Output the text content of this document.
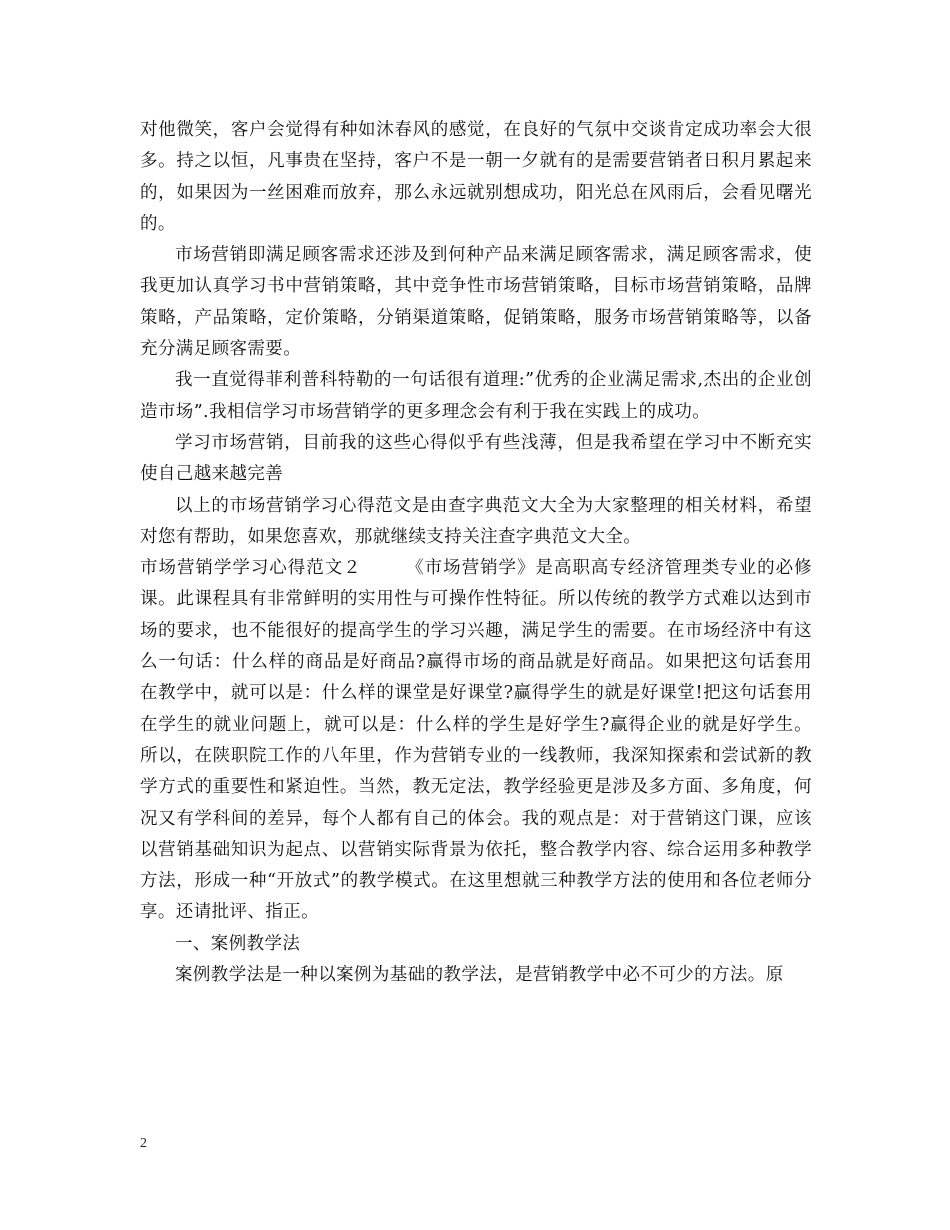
对他微笑，客户会觉得有种如沐春风的感觉，在良好的气氛中交谈肯定成功率会大很多。持之以恒，凡事贵在坚持，客户不是一朝一夕就有的是需要营销者日积月累起来的，如果因为一丝困难而放弃，那么永远就别想成功，阳光总在风雨后，会看见曙光的。

市场营销即满足顾客需求还涉及到何种产品来满足顾客需求，满足顾客需求，使我更加认真学习书中营销策略，其中竞争性市场营销策略，目标市场营销策略，品牌策略，产品策略，定价策略，分销渠道策略，促销策略，服务市场营销策略等，以备充分满足顾客需要。

我一直觉得菲利普科特勒的一句话很有道理:”优秀的企业满足需求,杰出的企业创造市场”.我相信学习市场营销学的更多理念会有利于我在实践上的成功。

学习市场营销，目前我的这些心得似乎有些浅薄，但是我希望在学习中不断充实使自己越来越完善

以上的市场营销学习心得范文是由查字典范文大全为大家整理的相关材料，希望对您有帮助，如果您喜欢，那就继续支持关注查字典范文大全。

市场营销学学习心得范文２	《市场营销学》是高职高专经济管理类专业的必修课。此课程具有非常鲜明的实用性与可操作性特征。所以传统的教学方式难以达到市场的要求，也不能很好的提高学生的学习兴趣，满足学生的需要。在市场经济中有这么一句话：什么样的商品是好商品?赢得市场的商品就是好商品。如果把这句话套用在教学中，就可以是：什么样的课堂是好课堂?赢得学生的就是好课堂!把这句话套用在学生的就业问题上，就可以是：什么样的学生是好学生?赢得企业的就是好学生。所以，在陕职院工作的八年里，作为营销专业的一线教师，我深知探索和尝试新的教学方式的重要性和紧迫性。当然，教无定法，教学经验更是涉及多方面、多角度，何况又有学科间的差异，每个人都有自己的体会。我的观点是：对于营销这门课，应该以营销基础知识为起点、以营销实际背景为依托，整合教学内容、综合运用多种教学方法，形成一种“开放式”的教学模式。在这里想就三种教学方法的使用和各位老师分享。还请批评、指正。

一、案例教学法

案例教学法是一种以案例为基础的教学法，是营销教学中必不可少的方法。原

2
